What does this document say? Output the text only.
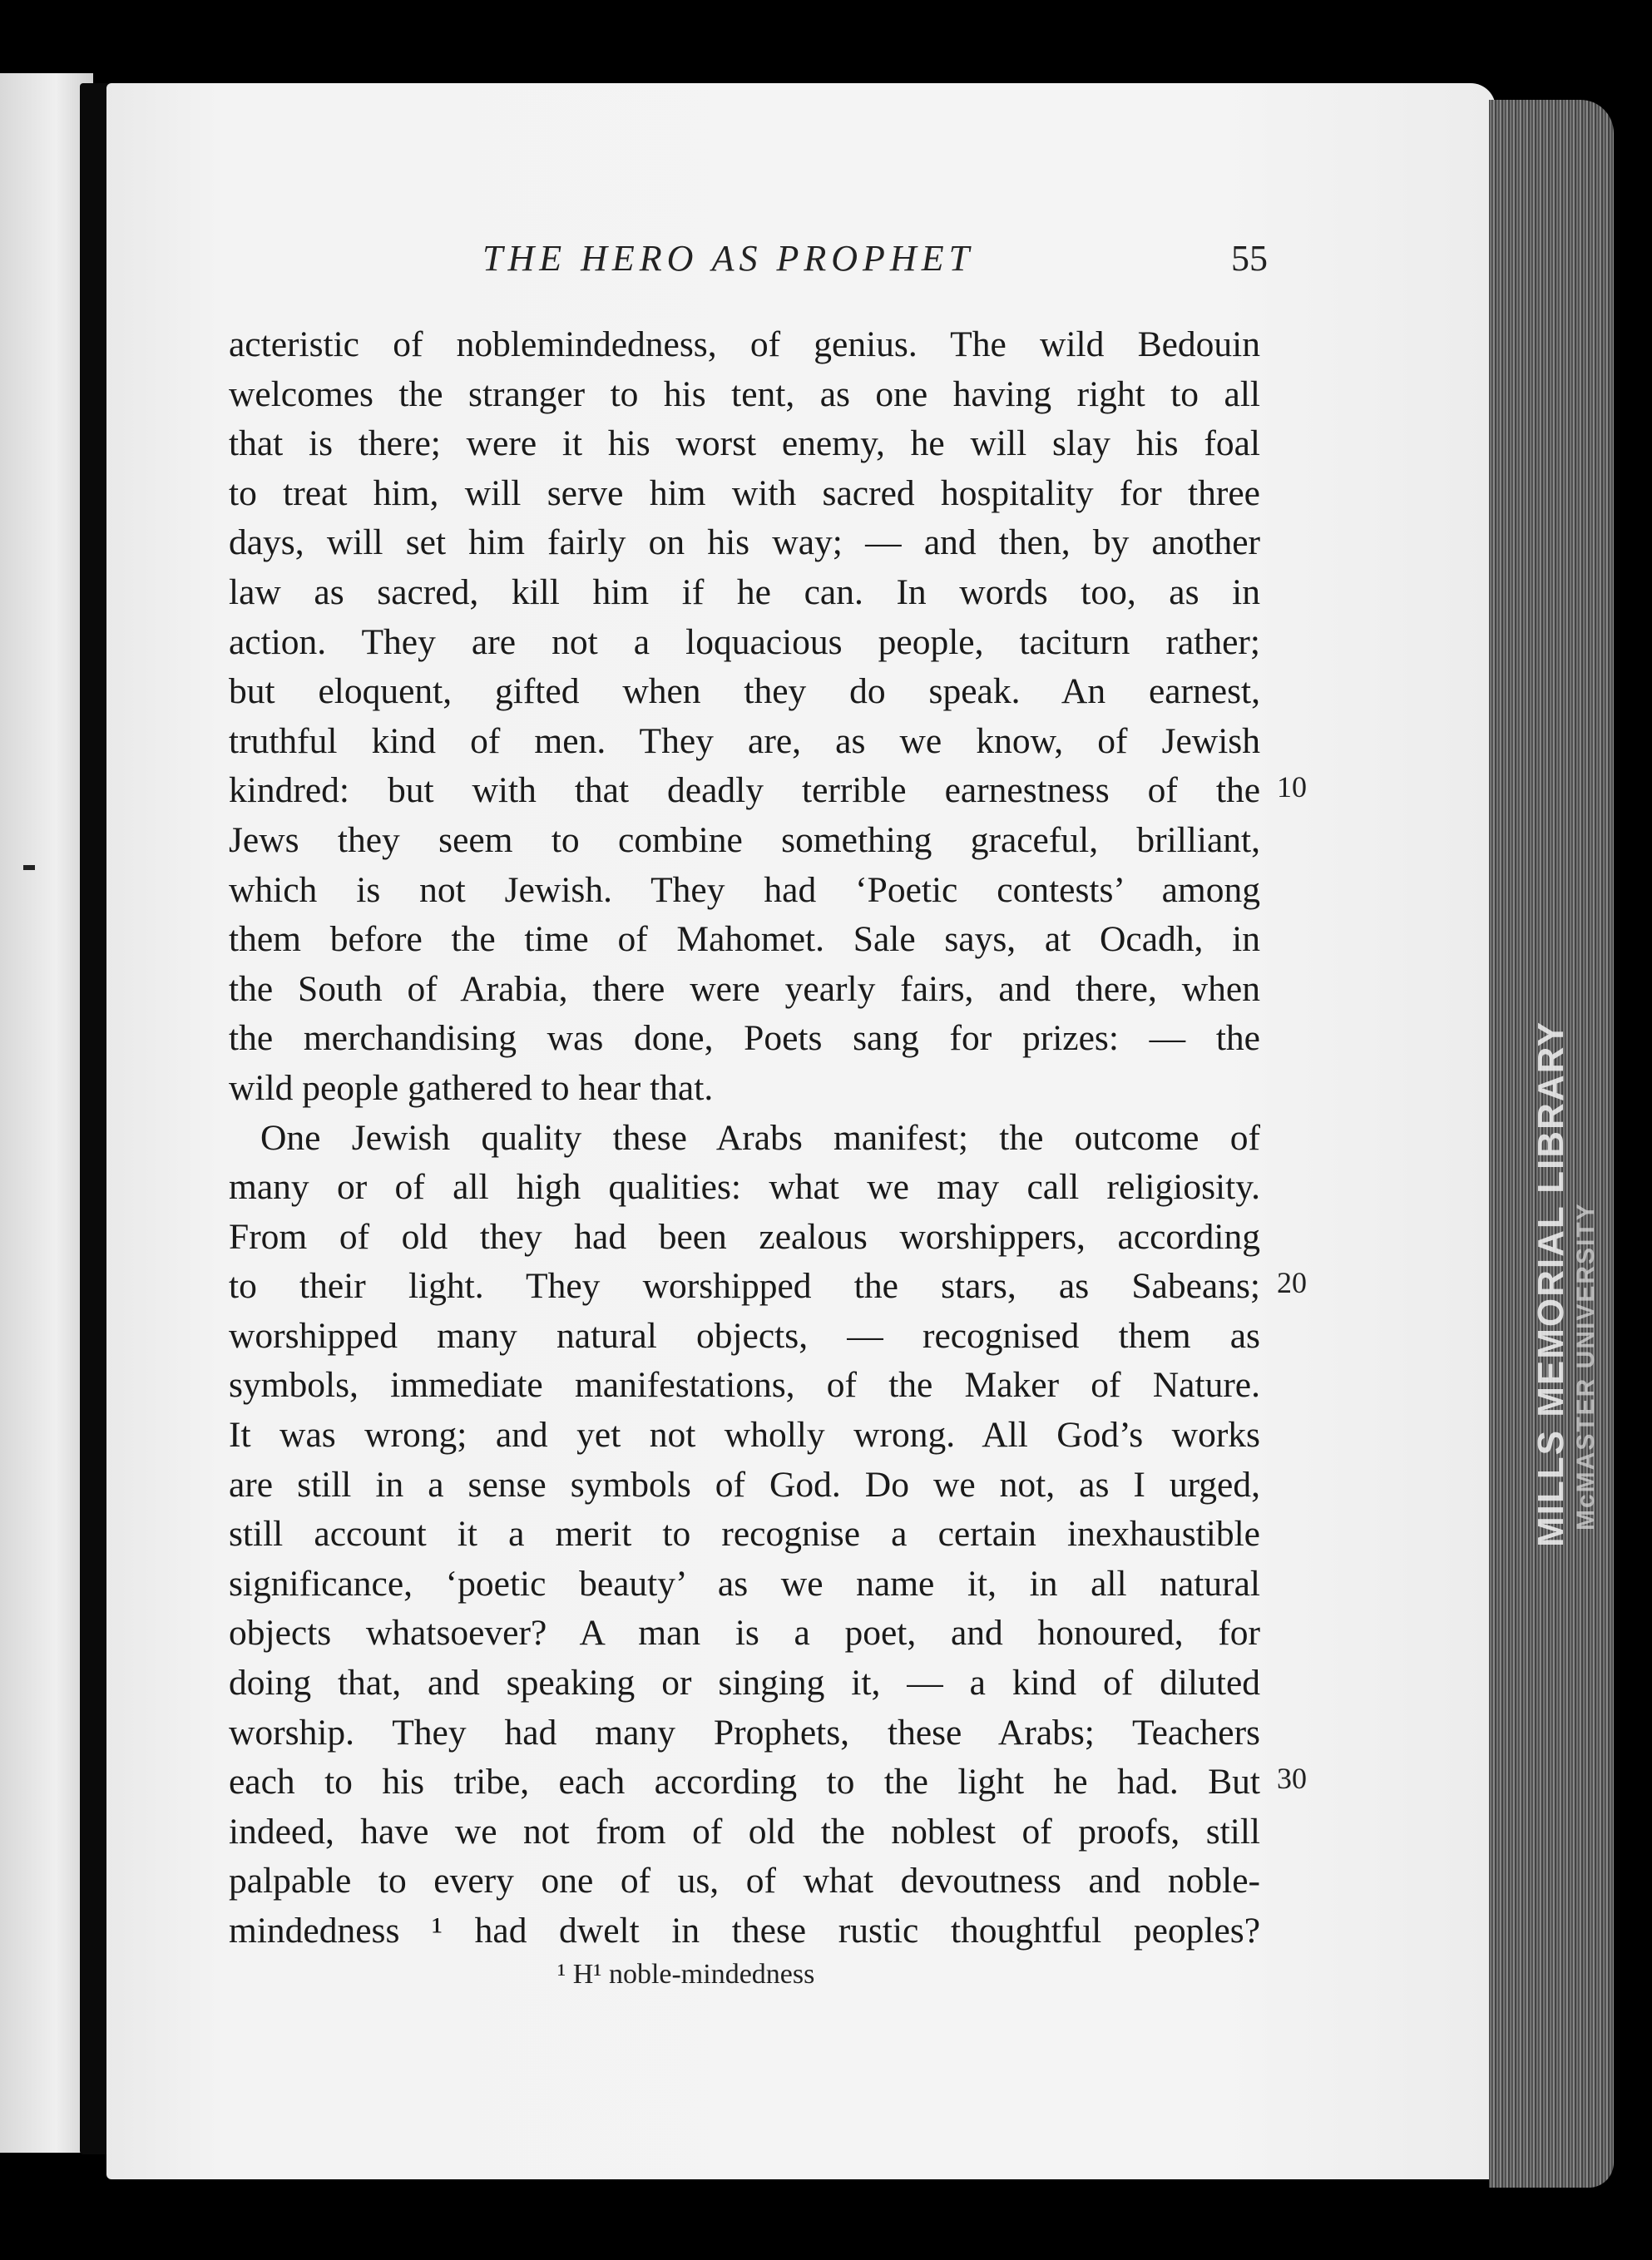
MILLS MEMORIAL LIBRARY McMASTER UNIVERSITY
THE HERO AS PROPHET	55
acteristic of noblemindedness, of genius. The wild Bedouin
welcomes the stranger to his tent, as one having right to all
that is there; were it his worst enemy, he will slay his foal
to treat him, will serve him with sacred hospitality for three
days, will set him fairly on his way; — and then, by another
law as sacred, kill him if he can. In words too, as in
action. They are not a loquacious people, taciturn rather;
but eloquent, gifted when they do speak. An earnest,
truthful kind of men. They are, as we know, of Jewish
kindred: but with that deadly terrible earnestness of the
Jews they seem to combine something graceful, brilliant,
which is not Jewish. They had ‘Poetic contests’ among
them before the time of Mahomet. Sale says, at Ocadh, in
the South of Arabia, there were yearly fairs, and there, when
the merchandising was done, Poets sang for prizes: — the
wild people gathered to hear that.
One Jewish quality these Arabs manifest; the outcome of
many or of all high qualities: what we may call religiosity.
From of old they had been zealous worshippers, according
to their light. They worshipped the stars, as Sabeans;
worshipped many natural objects, — recognised them as
symbols, immediate manifestations, of the Maker of Nature.
It was wrong; and yet not wholly wrong. All God’s works
are still in a sense symbols of God. Do we not, as I urged,
still account it a merit to recognise a certain inexhaustible
significance, ‘poetic beauty’ as we name it, in all natural
objects whatsoever? A man is a poet, and honoured, for
doing that, and speaking or singing it, — a kind of diluted
worship. They had many Prophets, these Arabs; Teachers
each to his tribe, each according to the light he had. But
indeed, have we not from of old the noblest of proofs, still
palpable to every one of us, of what devoutness and noble-
mindedness ¹ had dwelt in these rustic thoughtful peoples?
10
20
30
¹ H¹ noble-mindedness
